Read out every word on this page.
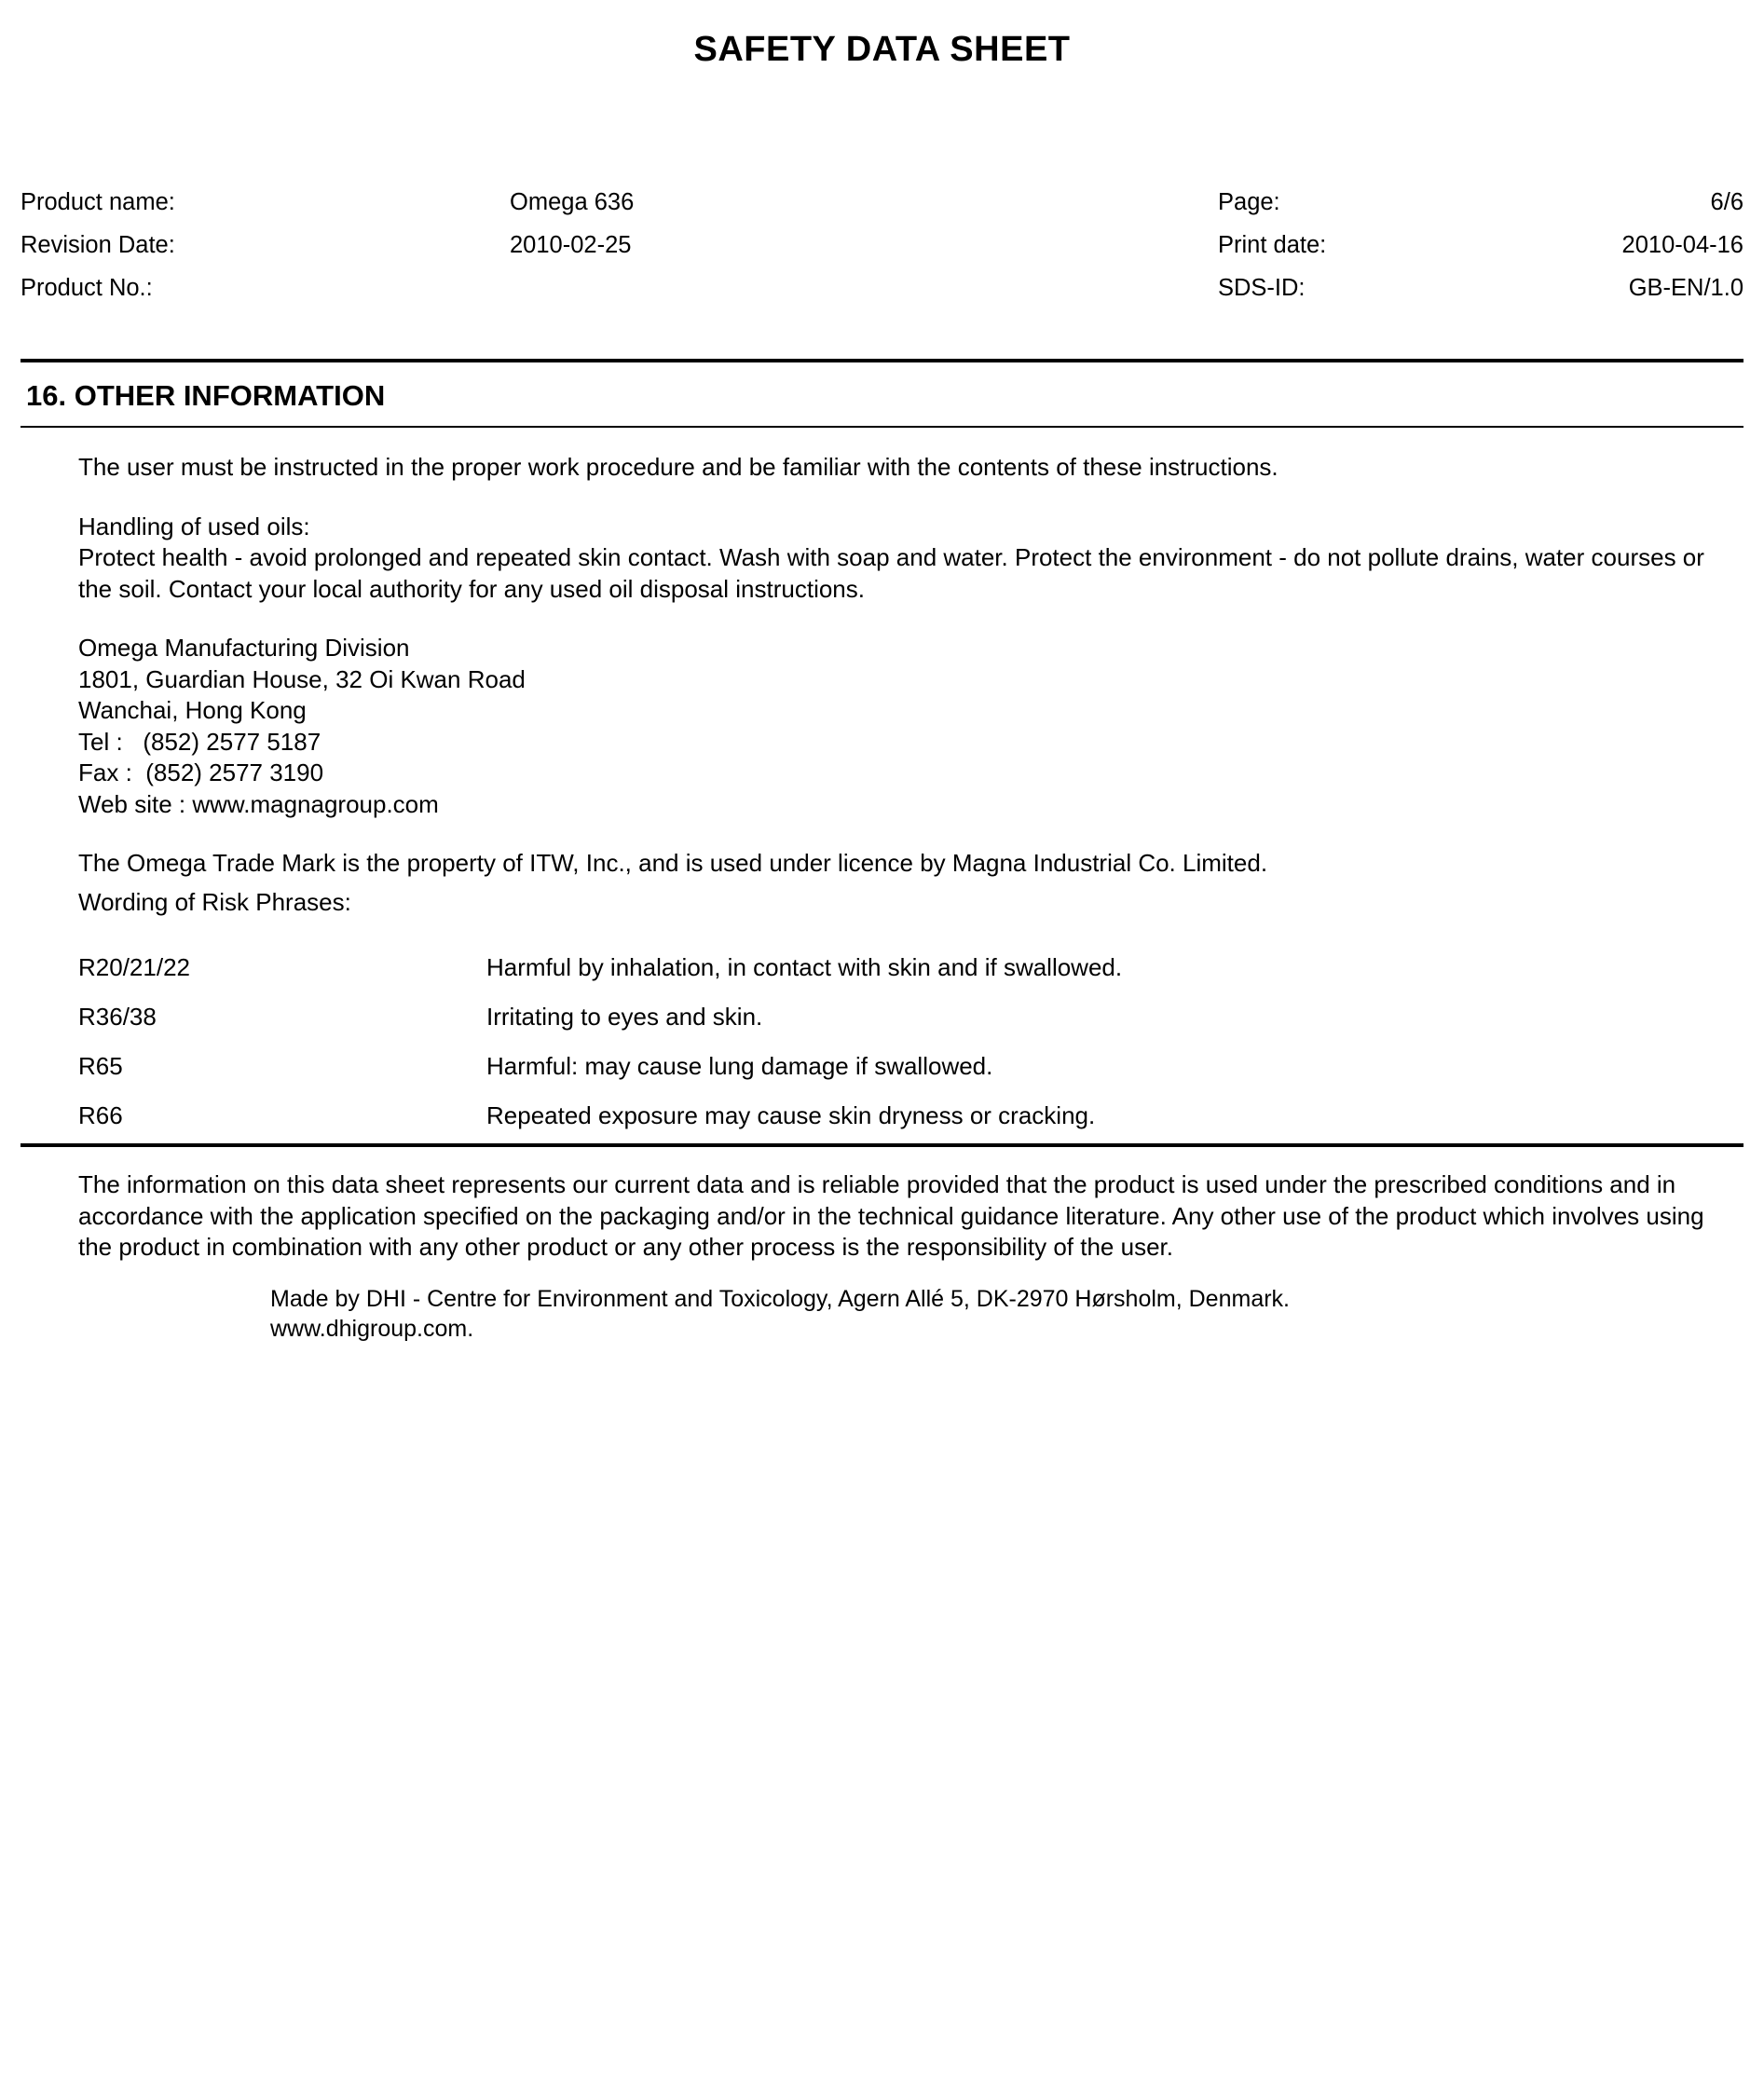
SAFETY DATA SHEET
Product name:	Omega 636	Page:	6/6
Revision Date:	2010-02-25	Print date:	2010-04-16
Product No.:		SDS-ID:	GB-EN/1.0
16. OTHER INFORMATION

The user must be instructed in the proper work procedure and be familiar with the contents of these instructions.

Handling of used oils:

Protect health - avoid prolonged and repeated skin contact. Wash with soap and water. Protect the environment - do not pollute drains, water courses or the soil. Contact your local authority for any used oil disposal instructions.

Omega Manufacturing Division

1801, Guardian House, 32 Oi Kwan Road

Wanchai, Hong Kong

Tel :   (852) 2577 5187

Fax :  (852) 2577 3190

Web site : www.magnagroup.com

The Omega Trade Mark is the property of ITW, Inc., and is used under licence by Magna Industrial Co. Limited.

Wording of Risk Phrases:

R20/21/22	Harmful by inhalation, in contact with skin and if swallowed.
R36/38	Irritating to eyes and skin.
R65	Harmful: may cause lung damage if swallowed.
R66	Repeated exposure may cause skin dryness or cracking.
The information on this data sheet represents our current data and is reliable provided that the product is used under the prescribed conditions and in accordance with the application specified on the packaging and/or in the technical guidance literature. Any other use of the product which involves using the product in combination with any other product or any other process is the responsibility of the user.
Made by DHI - Centre for Environment and Toxicology, Agern Allé 5, DK-2970 Hørsholm, Denmark.
www.dhigroup.com.
